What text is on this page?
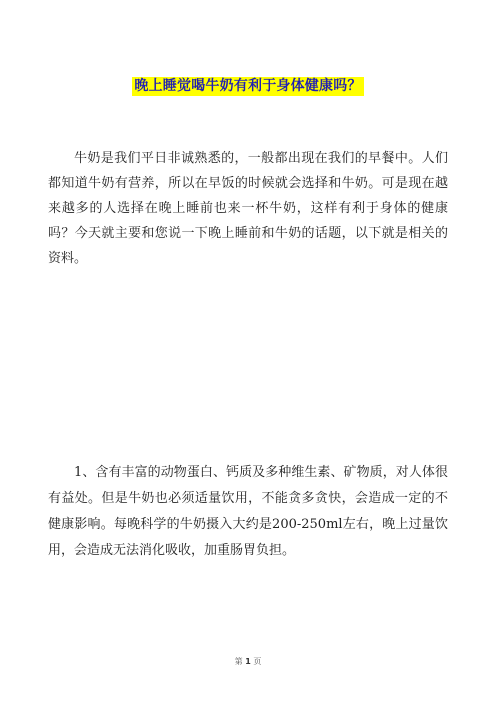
晚上睡觉喝牛奶有利于身体健康吗？

牛奶是我们平日非诚熟悉的，一般都出现在我们的早餐中。人们都知道牛奶有营养，所以在早饭的时候就会选择和牛奶。可是现在越来越多的人选择在晚上睡前也来一杯牛奶，这样有利于身体的健康吗？今天就主要和您说一下晚上睡前和牛奶的话题，以下就是相关的资料。

1、含有丰富的动物蛋白、钙质及多种维生素、矿物质，对人体很有益处。但是牛奶也必须适量饮用，不能贪多贪快，会造成一定的不健康影响。每晚科学的牛奶摄入大约是200-250ml左右，晚上过量饮用，会造成无法消化吸收，加重肠胃负担。

第 1 页
